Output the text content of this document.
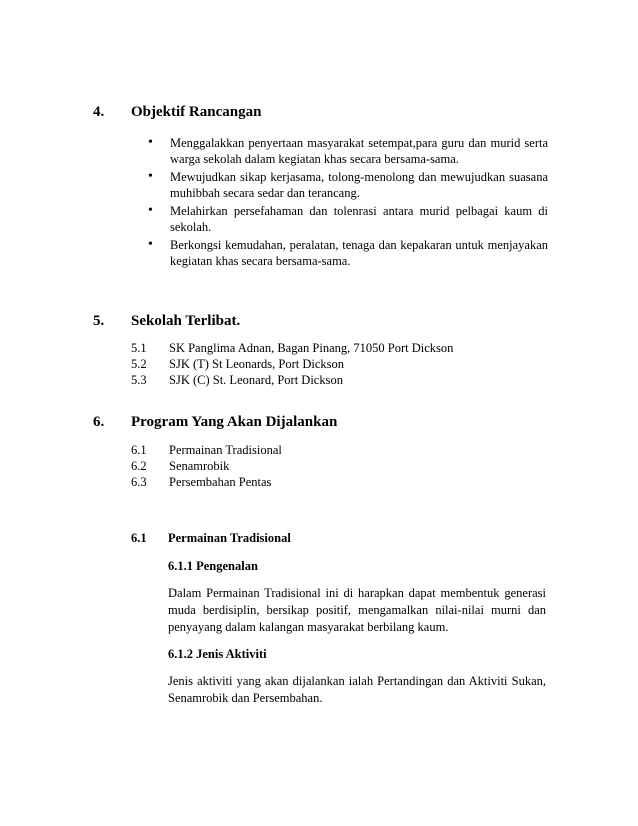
4. Objektif Rancangan
• Menggalakkan penyertaan masyarakat setempat,para guru dan murid serta warga sekolah dalam kegiatan khas secara bersama-sama.
• Mewujudkan sikap kerjasama, tolong-menolong dan mewujudkan suasana muhibbah secara sedar dan terancang.
• Melahirkan persefahaman dan tolenrasi antara murid pelbagai kaum di sekolah.
• Berkongsi kemudahan, peralatan, tenaga dan kepakaran untuk menjayakan kegiatan khas secara bersama-sama.
5. Sekolah Terlibat.
5.1 SK Panglima Adnan, Bagan Pinang, 71050 Port Dickson
5.2 SJK (T) St Leonards, Port Dickson
5.3 SJK (C) St. Leonard, Port Dickson
6. Program Yang Akan Dijalankan
6.1 Permainan Tradisional
6.2 Senamrobik
6.3 Persembahan Pentas
6.1 Permainan Tradisional
6.1.1 Pengenalan
Dalam Permainan Tradisional ini di harapkan dapat membentuk generasi muda berdisiplin, bersikap positif, mengamalkan nilai-nilai murni dan penyayang dalam kalangan masyarakat berbilang kaum.
6.1.2 Jenis Aktiviti
Jenis aktiviti yang akan dijalankan ialah Pertandingan dan Aktiviti Sukan, Senamrobik dan Persembahan.
